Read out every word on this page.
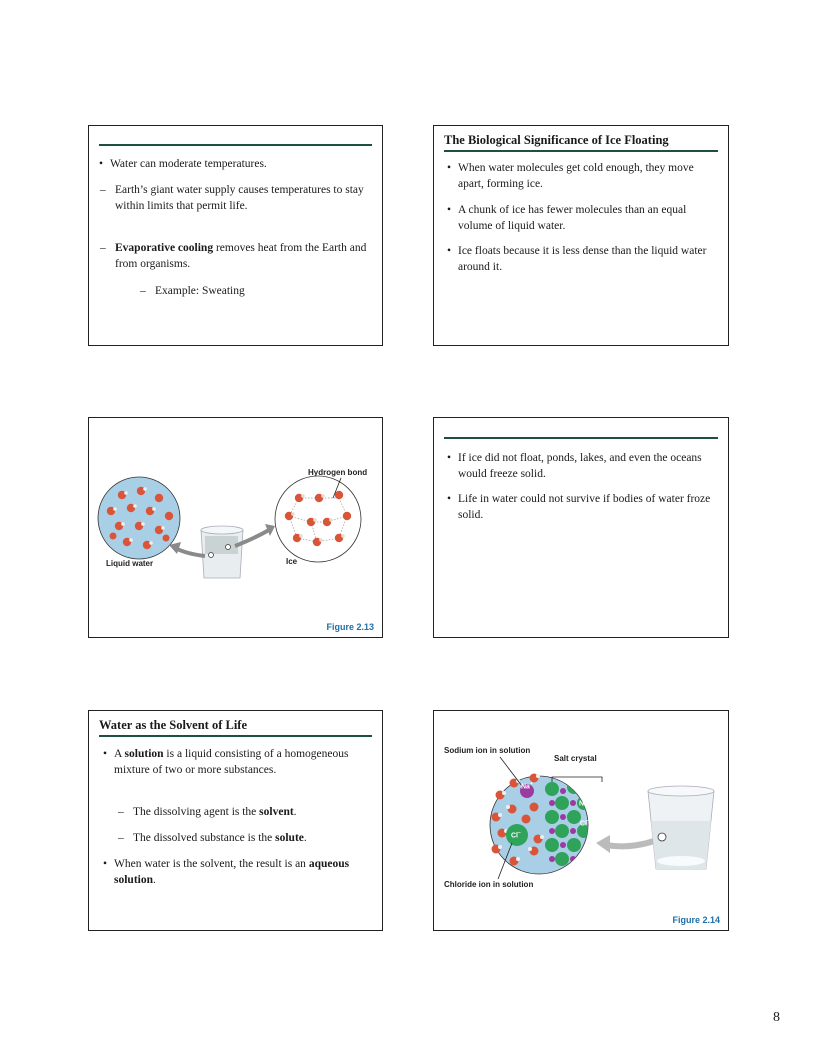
• Water can moderate temperatures.
– Earth’s giant water supply causes temperatures to stay within limits that permit life.
– Evaporative cooling removes heat from the Earth and from organisms.
– Example: Sweating
The Biological Significance of Ice Floating
• When water molecules get cold enough, they move apart, forming ice.
• A chunk of ice has fewer molecules than an equal volume of liquid water.
• Ice floats because it is less dense than the liquid water around it.
Hydrogen bond
Liquid water	Ice
Figure 2.13
• If ice did not float, ponds, lakes, and even the oceans would freeze solid.
• Life in water could not survive if bodies of water froze solid.
Water as the Solvent of Life
• A solution is a liquid consisting of a homogeneous mixture of two or more substances.
– The dissolving agent is the solvent.
– The dissolved substance is the solute.
• When water is the solvent, the result is an aqueous solution.
Sodium ion in solution
Salt crystal
Chloride ion in solution
Na+
Na+
Cl−
Cl−
Figure 2.14
8
